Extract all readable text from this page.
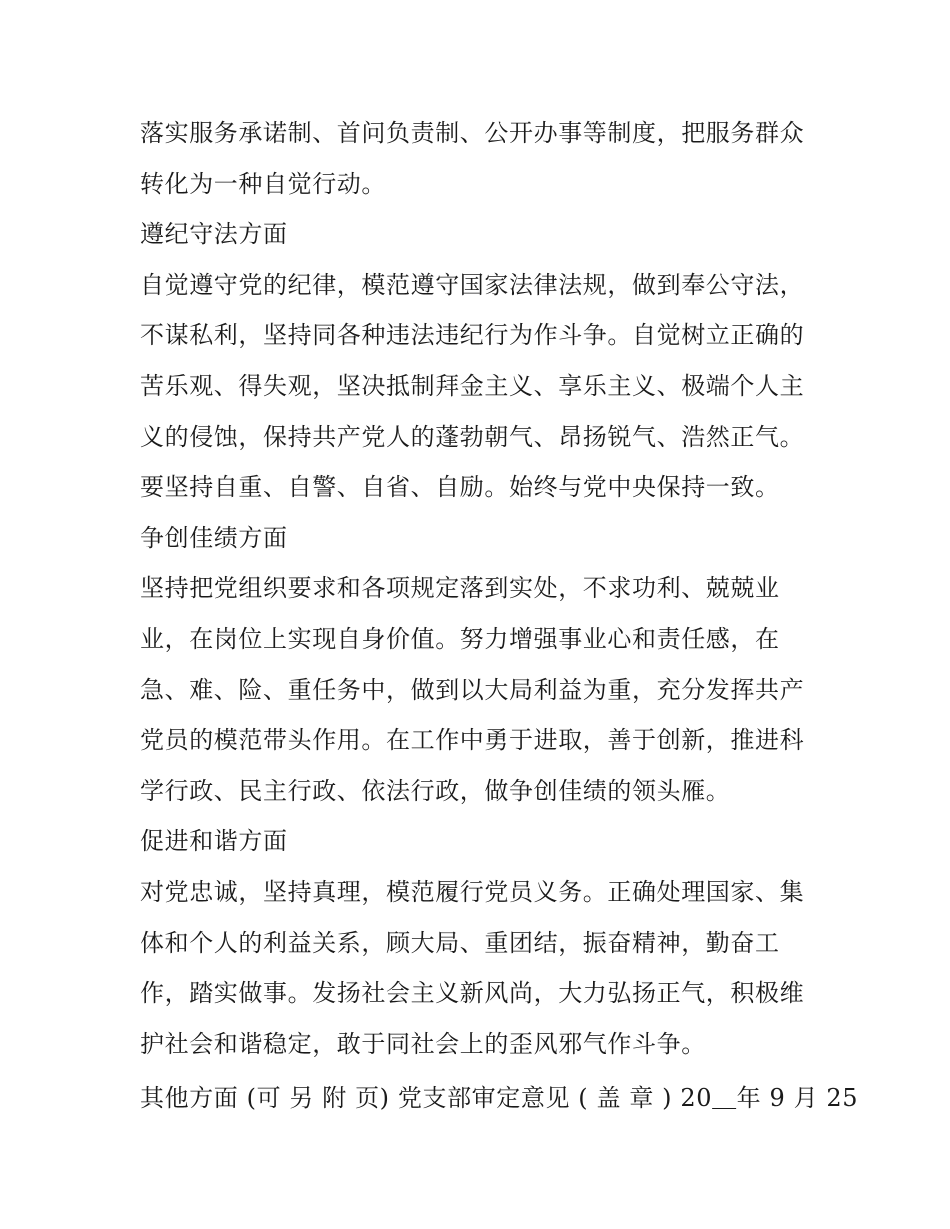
落实服务承诺制、首问负责制、公开办事等制度，把服务群众
转化为一种自觉行动。
遵纪守法方面
自觉遵守党的纪律，模范遵守国家法律法规，做到奉公守法，
不谋私利，坚持同各种违法违纪行为作斗争。自觉树立正确的
苦乐观、得失观，坚决抵制拜金主义、享乐主义、极端个人主
义的侵蚀，保持共产党人的蓬勃朝气、昂扬锐气、浩然正气。
要坚持自重、自警、自省、自励。始终与党中央保持一致。
争创佳绩方面
坚持把党组织要求和各项规定落到实处，不求功利、兢兢业
业，在岗位上实现自身价值。努力增强事业心和责任感，在
急、难、险、重任务中，做到以大局利益为重，充分发挥共产
党员的模范带头作用。在工作中勇于进取，善于创新，推进科
学行政、民主行政、依法行政，做争创佳绩的领头雁。
促进和谐方面
对党忠诚，坚持真理，模范履行党员义务。正确处理国家、集
体和个人的利益关系，顾大局、重团结，振奋精神，勤奋工
作，踏实做事。发扬社会主义新风尚，大力弘扬正气，积极维
护社会和谐稳定，敢于同社会上的歪风邪气作斗争。
其他方面 (可 另 附 页) 党支部审定意见 ( 盖 章 ) 20＿年 9 月 25
